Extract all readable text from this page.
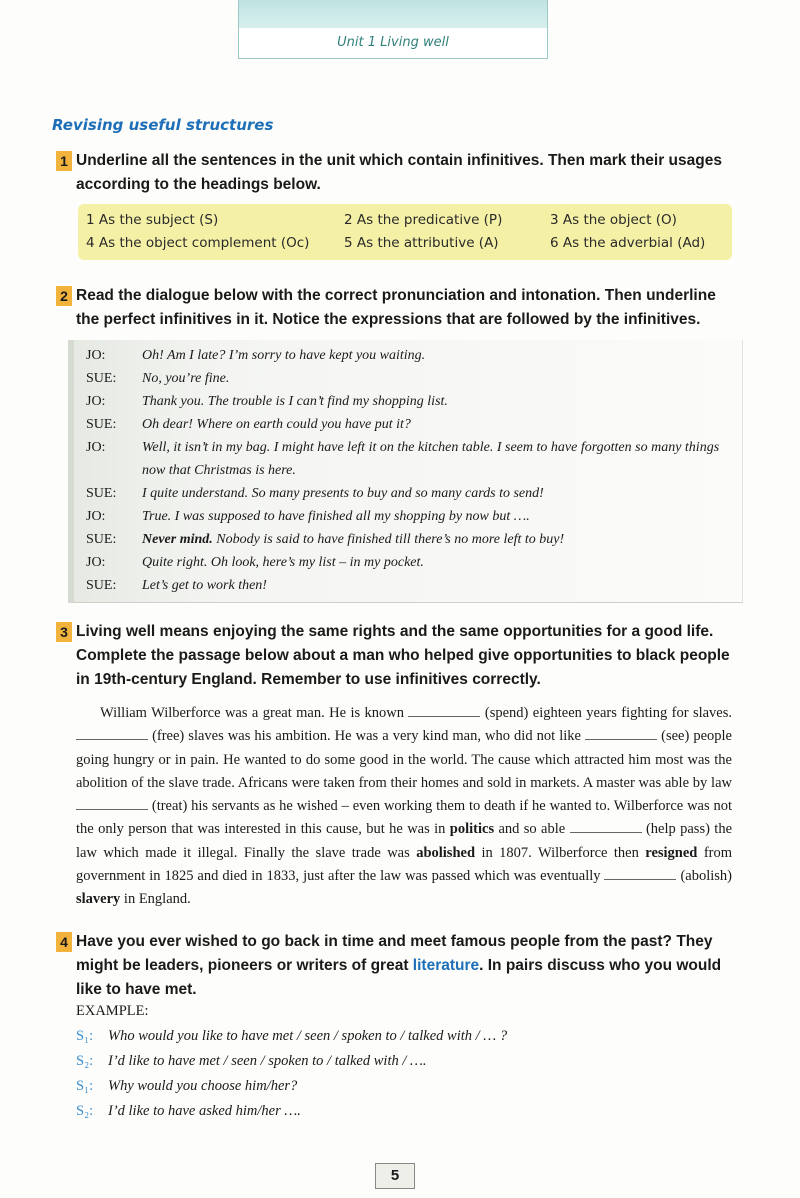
Unit 1 Living well
Revising useful structures
1 Underline all the sentences in the unit which contain infinitives. Then mark their usages according to the headings below.
1 As the subject (S)	2 As the predicative (P)	3 As the object (O)
4 As the object complement (Oc)	5 As the attributive (A)	6 As the adverbial (Ad)
2 Read the dialogue below with the correct pronunciation and intonation. Then underline the perfect infinitives in it. Notice the expressions that are followed by the infinitives.
JO:	Oh! Am I late? I’m sorry to have kept you waiting.
SUE:	No, you’re fine.
JO:	Thank you. The trouble is I can’t find my shopping list.
SUE:	Oh dear! Where on earth could you have put it?
JO:	Well, it isn’t in my bag. I might have left it on the kitchen table. I seem to have forgotten so many things now that Christmas is here.
SUE:	I quite understand. So many presents to buy and so many cards to send!
JO:	True. I was supposed to have finished all my shopping by now but ….
SUE:	Never mind. Nobody is said to have finished till there’s no more left to buy!
JO:	Quite right. Oh look, here’s my list – in my pocket.
SUE:	Let’s get to work then!
3 Living well means enjoying the same rights and the same opportunities for a good life. Complete the passage below about a man who helped give opportunities to black people in 19th-century England. Remember to use infinitives correctly.
William Wilberforce was a great man. He is known	(spend) eighteen years fighting for slaves.  (free) slaves was his ambition. He was a very kind man, who did not like	(see) people going hungry or in pain. He wanted to do some good in the world. The cause which attracted him most was the abolition of the slave trade. Africans were taken from their homes and sold in markets. A master was able by law  (treat) his servants as he wished – even working them to death if he wanted to. Wilberforce was not the only person that was interested in this cause, but he was in politics and so able	(help pass) the law which made it illegal. Finally the slave trade was abolished in 1807. Wilberforce then resigned from government in 1825 and died in 1833, just after the law was passed which was eventually	(abolish) slavery in England.
4 Have you ever wished to go back in time and meet famous people from the past? They might be leaders, pioneers or writers of great literature. In pairs discuss who you would like to have met.
EXAMPLE:
S₁: Who would you like to have met / seen / spoken to / talked with / … ?
S₂: I’d like to have met / seen / spoken to / talked with / ….
S₁: Why would you choose him/her?
S₂: I’d like to have asked him/her ….
5
